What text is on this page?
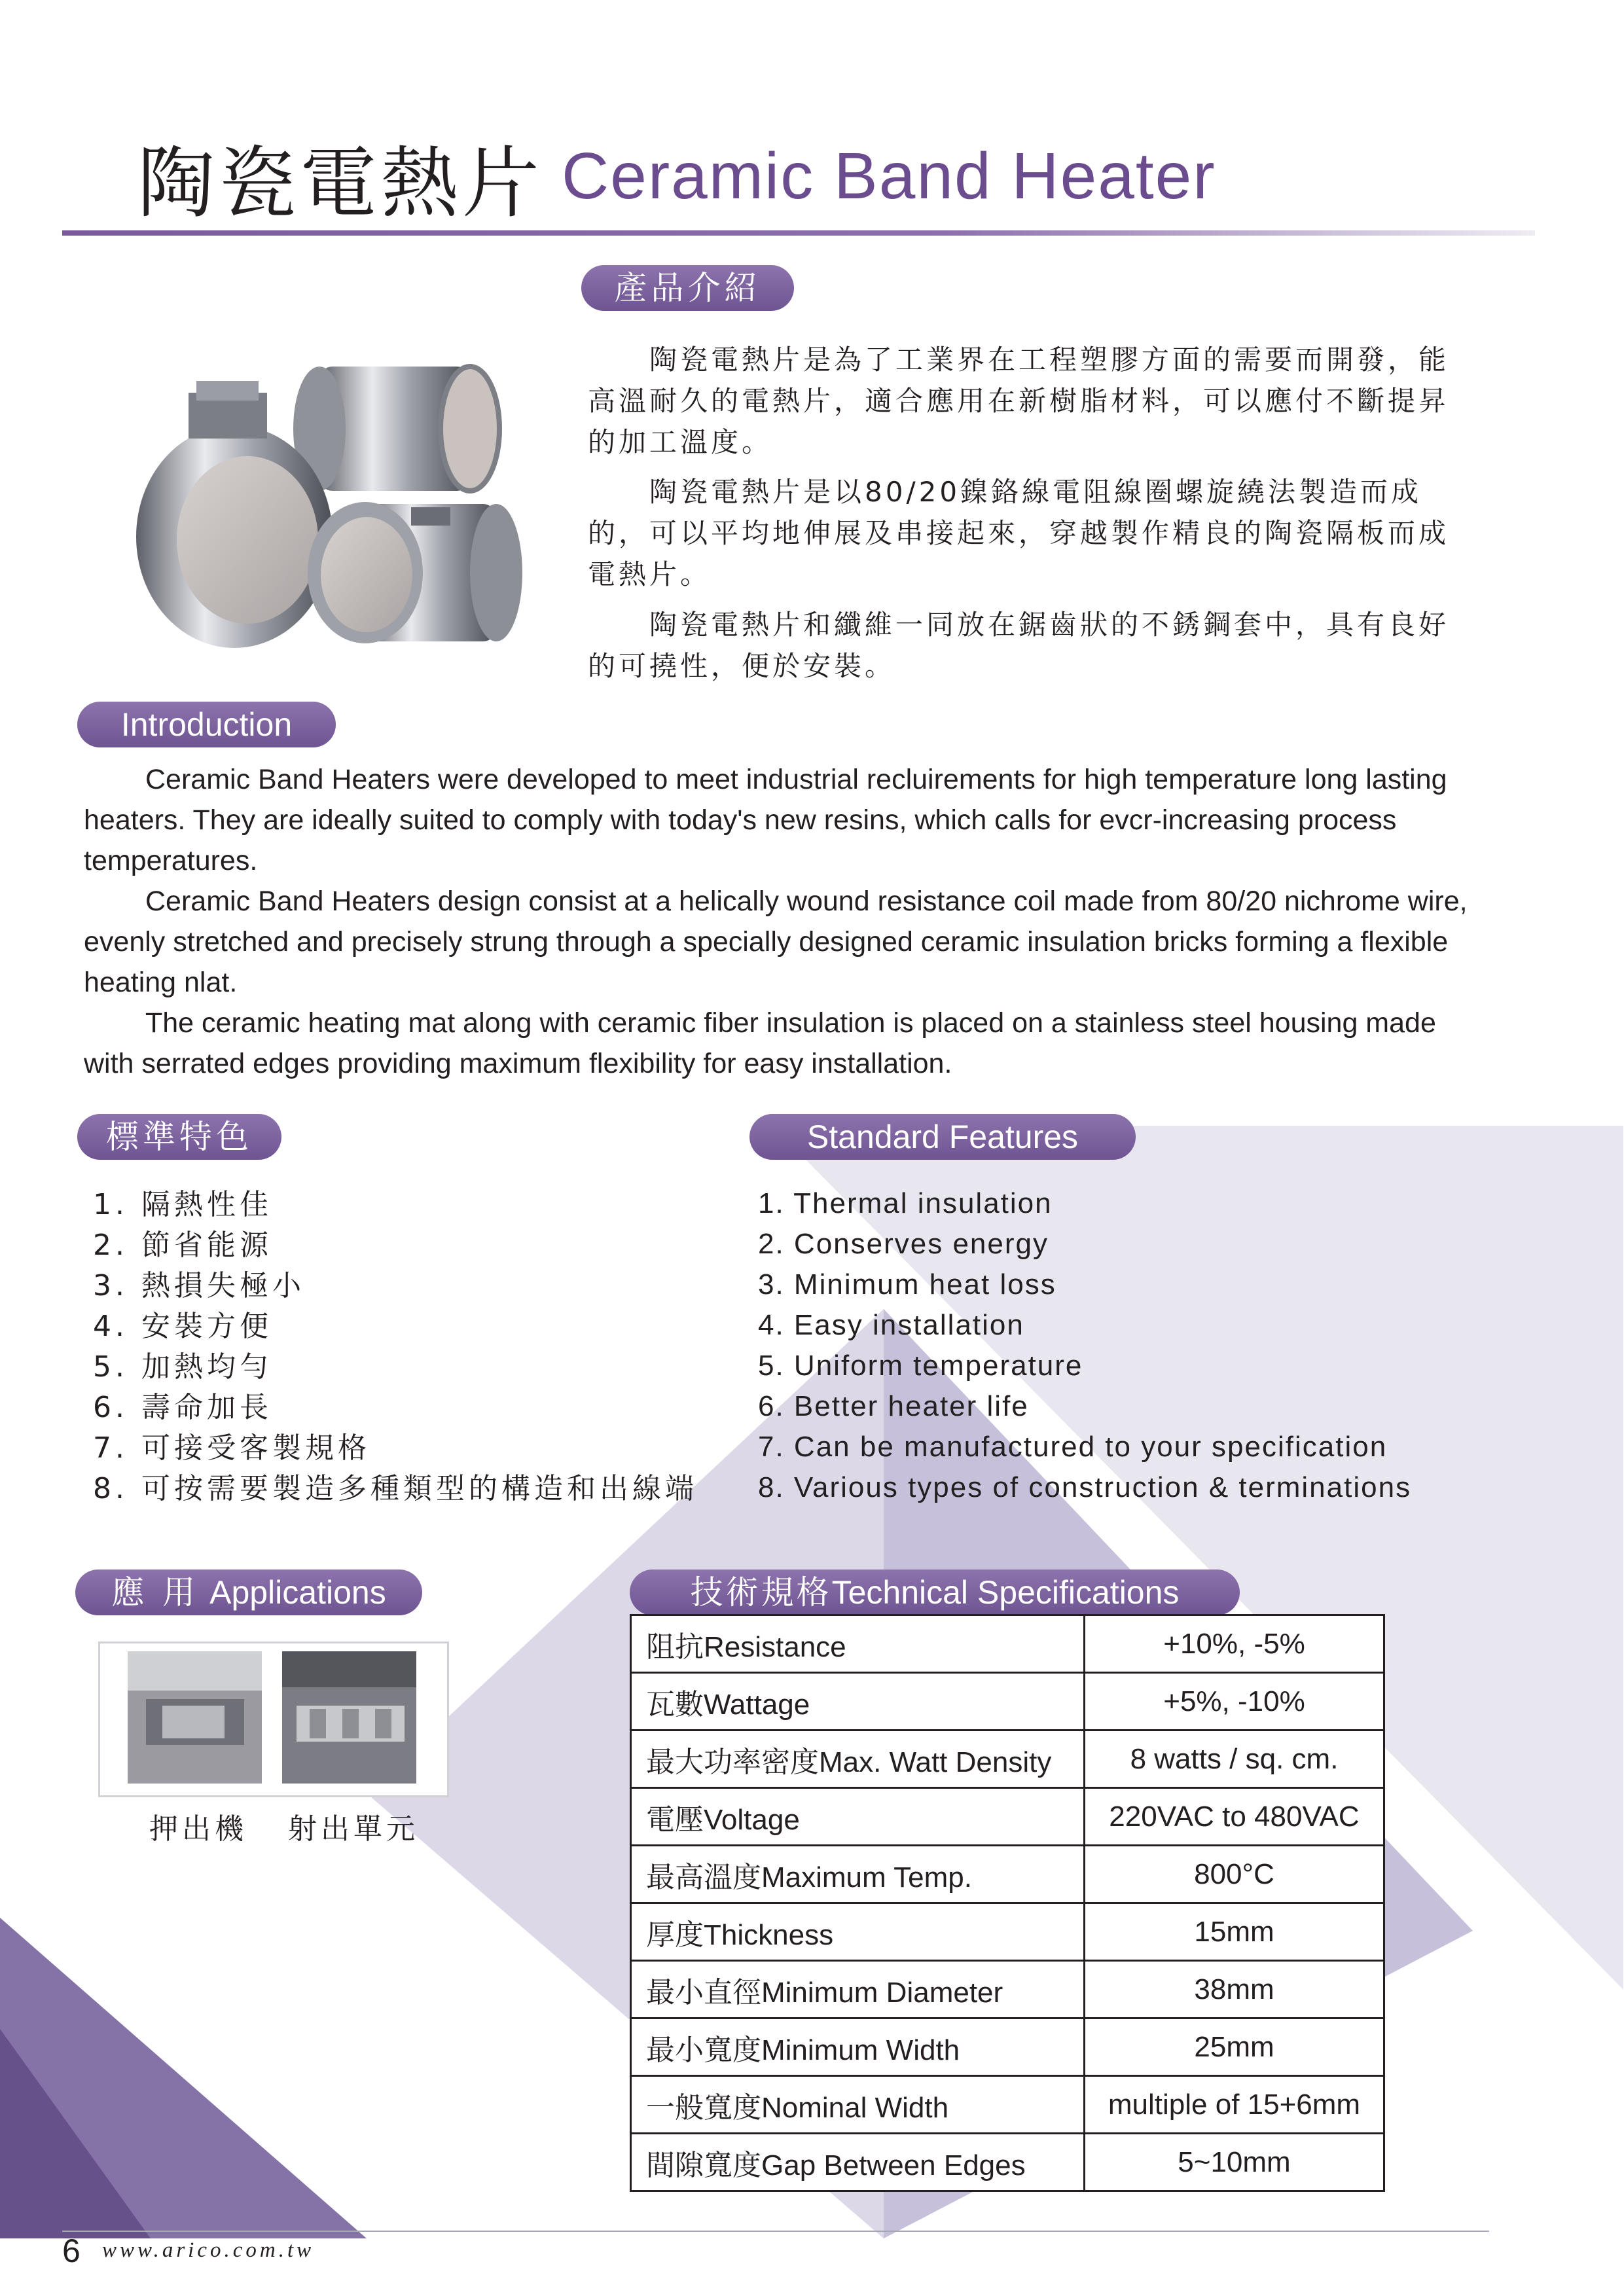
陶瓷電熱片 Ceramic Band Heater
產品介紹
陶瓷電熱片是為了工業界在工程塑膠方面的需要而開發，能高溫耐久的電熱片，適合應用在新樹脂材料，可以應付不斷提昇的加工溫度。
陶瓷電熱片是以80/20鎳鉻線電阻線圈螺旋繞法製造而成的，可以平均地伸展及串接起來，穿越製作精良的陶瓷隔板而成電熱片。
陶瓷電熱片和纖維一同放在鋸齒狀的不銹鋼套中，具有良好的可撓性，便於安裝。
Introduction
Ceramic Band Heaters were developed to meet industrial recluirements for high temperature long lasting heaters. They are ideally suited to comply with today's new resins, which calls for evcr-increasing process temperatures.
Ceramic Band Heaters design consist at a helically wound resistance coil made from 80/20 nichrome wire, evenly stretched and precisely strung through a specially designed ceramic insulation bricks forming a flexible heating nlat.
The ceramic heating mat along with ceramic fiber insulation is placed on a stainless steel housing made with serrated edges providing maximum flexibility for easy installation.
標準特色	Standard Features
1. 隔熱性佳
2. 節省能源
3. 熱損失極小
4. 安裝方便
5. 加熱均勻
6. 壽命加長
7. 可接受客製規格
8. 可按需要製造多種類型的構造和出線端
1. Thermal insulation
2. Conserves energy
3. Minimum heat loss
4. Easy installation
5. Uniform temperature
6. Better heater life
7. Can be manufactured to your specification
8. Various types of construction & terminations
應 用 Applications
押出機 射出單元
技術規格Technical Specifications
阻抗Resistance	+10%, -5%
瓦數Wattage	+5%, -10%
最大功率密度Max. Watt Density	8 watts / sq. cm.
電壓Voltage	220VAC to 480VAC
最高溫度Maximum Temp.	800°C
厚度Thickness	15mm
最小直徑Minimum Diameter	38mm
最小寬度Minimum Width	25mm
一般寬度Nominal Width	multiple of 15+6mm
間隙寬度Gap Between Edges	5~10mm
6 www.arico.com.tw
